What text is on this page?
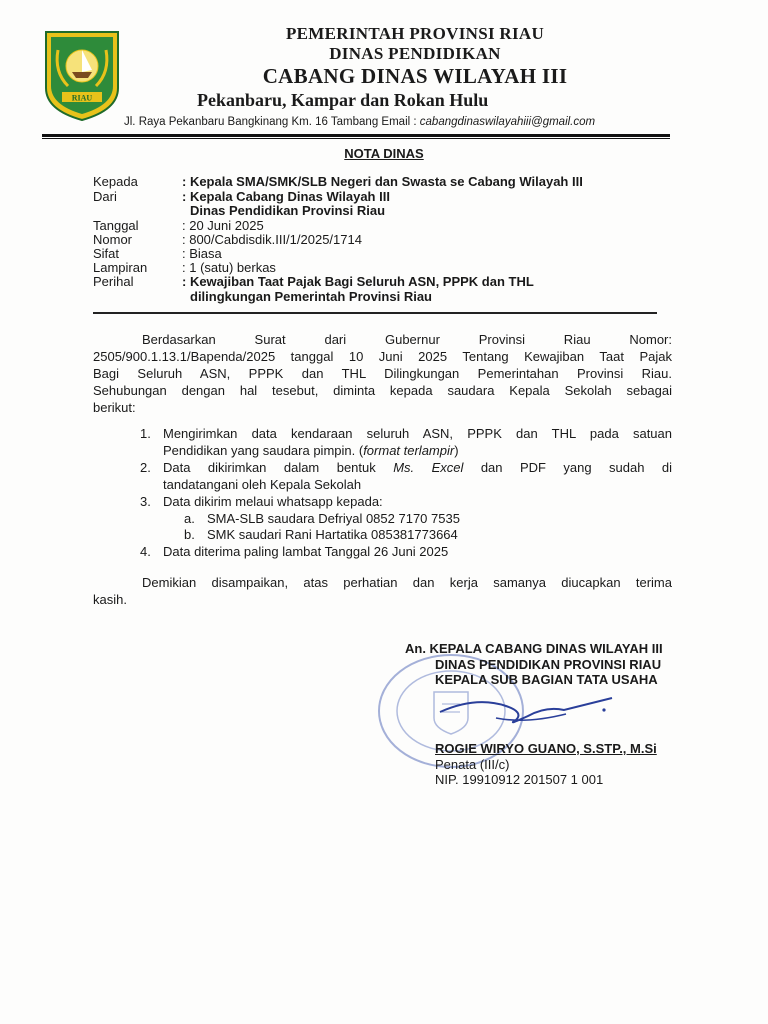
RIAU
PEMERINTAH PROVINSI RIAU
DINAS PENDIDIKAN
CABANG DINAS WILAYAH III
Pekanbaru, Kampar dan Rokan Hulu
Jl. Raya Pekanbaru Bangkinang Km. 16 Tambang Email : cabangdinaswilayahiii@gmail.com
NOTA DINAS
Kepada	: Kepala SMA/SMK/SLB Negeri dan Swasta se Cabang Wilayah III
Dari	: Kepala Cabang Dinas Wilayah III
Dinas Pendidikan Provinsi Riau
Tanggal	: 20 Juni 2025
Nomor	: 800/Cabdisdik.III/1/2025/1714
Sifat	: Biasa
Lampiran	: 1 (satu) berkas
Perihal	: Kewajiban Taat Pajak Bagi Seluruh ASN, PPPK dan THL
dilingkungan Pemerintah Provinsi Riau
Berdasarkan Surat dari Gubernur Provinsi Riau Nomor:
2505/900.1.13.1/Bapenda/2025 tanggal 10 Juni 2025 Tentang Kewajiban Taat Pajak
Bagi Seluruh ASN, PPPK dan THL Dilingkungan Pemerintahan Provinsi Riau.
Sehubungan dengan hal tesebut, diminta kepada saudara Kepala Sekolah sebagai
berikut:
1. Mengirimkan data kendaraan seluruh ASN, PPPK dan THL pada satuan
Pendidikan yang saudara pimpin. (format terlampir)
2. Data dikirimkan dalam bentuk Ms. Excel dan PDF yang sudah di
tandatangani oleh Kepala Sekolah
3. Data dikirim melaui whatsapp kepada:
a. SMA-SLB saudara Defriyal 0852 7170 7535
b. SMK saudari Rani Hartatika 085381773664
4. Data diterima paling lambat Tanggal 26 Juni 2025
Demikian disampaikan, atas perhatian dan kerja samanya diucapkan terima
kasih.
An. KEPALA CABANG DINAS WILAYAH III
DINAS PENDIDIKAN PROVINSI RIAU
KEPALA SUB BAGIAN TATA USAHA
ROGIE WIRYO GUANO, S.STP., M.Si
Penata (III/c)
NIP. 19910912 201507 1 001
